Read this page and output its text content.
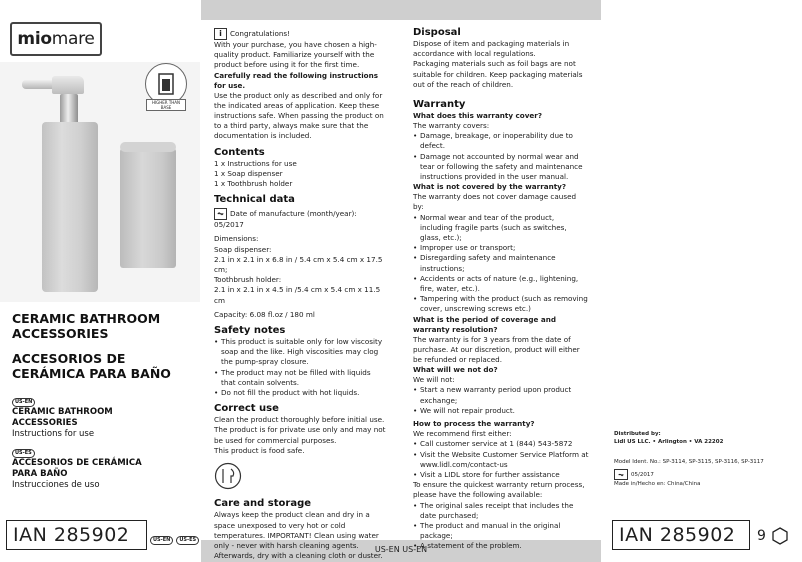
US-EN US-EN
miomare
HIGHER THAN BASE
CERAMIC BATHROOM
ACCESSORIES
ACCESORIOS DE
CERÁMICA PARA BAÑO
US-EN
CERAMIC BATHROOM
ACCESSORIES
Instructions for use
US-ES
ACCESORIOS DE CERÁMICA
PARA BAÑO
Instrucciones de uso
IAN 285902	US-EN	US-ES
i Congratulations!
With your purchase, you have chosen a high-quality product. Familiarize yourself with the product before using it for the first time.
Carefully read the following instructions for use.
Use the product only as described and only for the indicated areas of application. Keep these instructions safe. When passing the product on to a third party, always make sure that the documentation is included.
Contents
1 x Instructions for use
1 x Soap dispenser
1 x Toothbrush holder
Technical data
⏦ Date of manufacture (month/year): 05/2017
Dimensions:
Soap dispenser:
2.1 in x 2.1 in x 6.8 in / 5.4 cm x 5.4 cm x 17.5 cm;
Toothbrush holder:
2.1 in x 2.1 in x 4.5 in /5.4 cm x 5.4 cm x 11.5 cm
Capacity: 6.08 fl.oz / 180 ml
Safety notes
• This product is suitable only for low viscosity soap and the like. High viscosities may clog the pump-spray closure.
• The product may not be filled with liquids that contain solvents.
• Do not fill the product with hot liquids.
Correct use
Clean the product thoroughly before initial use.
The product is for private use only and may not be used for commercial purposes.
This product is food safe.
Care and storage
Always keep the product clean and dry in a space unexposed to very hot or cold temperatures. IMPORTANT! Clean using water only - never with harsh cleaning agents. Afterwards, dry with a cleaning cloth or duster.
Disposal
Dispose of item and packaging materials in accordance with local regulations.
Packaging materials such as foil bags are not suitable for children. Keep packaging materials out of the reach of children.
Warranty
What does this warranty cover?
The warranty covers:
• Damage, breakage, or inoperability due to defect.
• Damage not accounted by normal wear and tear or following the safety and maintenance instructions provided in the user manual.
What is not covered by the warranty?
The warranty does not cover damage caused by:
• Normal wear and tear of the product, including fragile parts (such as switches, glass, etc.);
• Improper use or transport;
• Disregarding safety and maintenance instructions;
• Accidents or acts of nature (e.g., lightening, fire, water, etc.).
• Tampering with the product (such as removing cover, unscrewing screws etc.)
What is the period of coverage and warranty resolution?
The warranty is for 3 years from the date of purchase. At our discretion, product will either be refunded or replaced.
What will we not do?
We will not:
• Start a new warranty period upon product exchange;
• We will not repair product.
How to process the warranty?
We recommend first either:
• Call customer service at 1 (844) 543-5872
• Visit the Website Customer Service Platform at www.lidl.com/contact-us
• Visit a LIDL store for further assistance
To ensure the quickest warranty return process, please have the following available:
• The original sales receipt that includes the date purchased;
• The product and manual in the original package;
• A statement of the problem.
Distributed by:
Lidl US LLC. • Arlington • VA 22202
Model Ident. No.: SP-3114, SP-3115, SP-3116, SP-3117
⏦ 05/2017
Made in/Hecho en: China/China
IAN 285902	9
